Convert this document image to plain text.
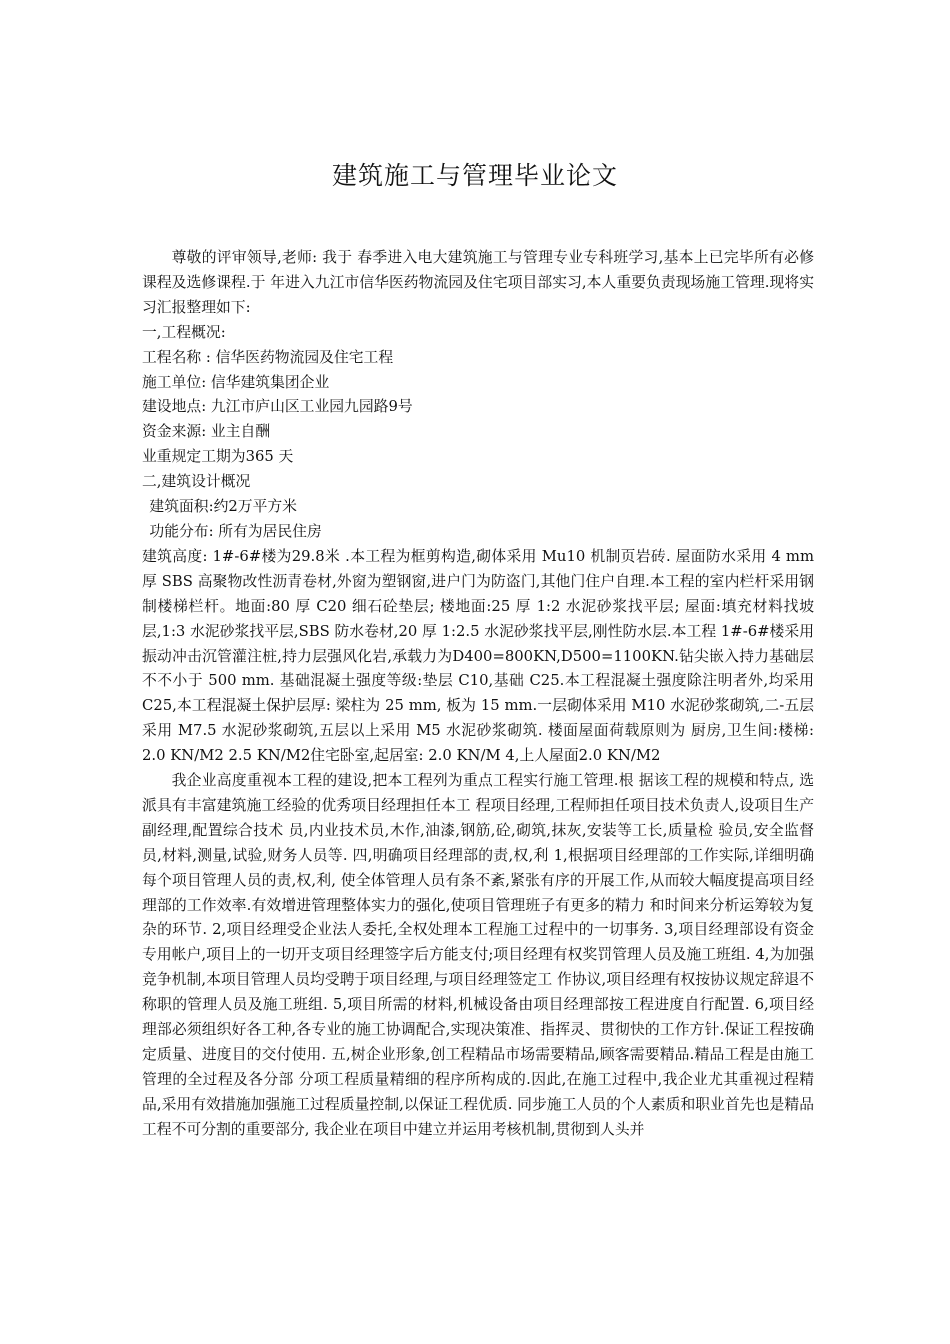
建筑施工与管理毕业论文

尊敬的评审领导,老师: 我于 春季进入电大建筑施工与管理专业专科班学习,基本上已完毕所有必修课程及选修课程.于 年进入九江市信华医药物流园及住宅项目部实习,本人重要负责现场施工管理.现将实习汇报整理如下:

一,工程概况:
工程名称 : 信华医药物流园及住宅工程
施工单位: 信华建筑集团企业
建设地点: 九江市庐山区工业园九园路9号
资金来源: 业主自酬
业重规定工期为365 天
二,建筑设计概况
建筑面积:约2万平方米
功能分布: 所有为居民住房

建筑高度: 1#-6#楼为29.8米 .本工程为框剪构造,砌体采用 Mu10 机制页岩砖. 屋面防水采用 4 mm厚 SBS 高聚物改性沥青卷材,外窗为塑钢窗,进户门为防盗门,其他门住户自理.本工程的室内栏杆采用钢制楼梯栏杆。地面:80 厚 C20 细石砼垫层; 楼地面:25 厚 1:2 水泥砂浆找平层; 屋面:填充材料找坡层,1:3 水泥砂浆找平层,SBS 防水卷材,20 厚 1:2.5 水泥砂浆找平层,刚性防水层.本工程 1#-6#楼采用振动冲击沉管灌注桩,持力层强风化岩,承载力为D400=800KN,D500=1100KN.钻尖嵌入持力基础层不不小于 500 mm. 基础混凝土强度等级:垫层 C10,基础 C25.本工程混凝土强度除注明者外,均采用 C25,本工程混凝土保护层厚: 梁柱为 25 mm, 板为 15 mm.一层砌体采用 M10 水泥砂浆砌筑,二-五层采用 M7.5 水泥砂浆砌筑,五层以上采用 M5 水泥砂浆砌筑. 楼面屋面荷载原则为 厨房,卫生间:楼梯: 2.0 KN/M2 2.5 KN/M2住宅卧室,起居室: 2.0 KN/M 4,上人屋面2.0 KN/M2

我企业高度重视本工程的建设,把本工程列为重点工程实行施工管理.根 据该工程的规模和特点, 选派具有丰富建筑施工经验的优秀项目经理担任本工 程项目经理,工程师担任项目技术负责人,设项目生产副经理,配置综合技术 员,内业技术员,木作,油漆,钢筋,砼,砌筑,抹灰,安装等工长,质量检 验员,安全监督员,材料,测量,试验,财务人员等. 四,明确项目经理部的责,权,利 1,根据项目经理部的工作实际,详细明确每个项目管理人员的责,权,利, 使全体管理人员有条不紊,紧张有序的开展工作,从而较大幅度提高项目经理部的工作效率.有效增进管理整体实力的强化,使项目管理班子有更多的精力 和时间来分析运筹较为复杂的环节. 2,项目经理受企业法人委托,全权处理本工程施工过程中的一切事务. 3,项目经理部设有资金专用帐户,项目上的一切开支项目经理签字后方能支付;项目经理有权奖罚管理人员及施工班组. 4,为加强竞争机制,本项目管理人员均受聘于项目经理,与项目经理签定工 作协议,项目经理有权按协议规定辞退不称职的管理人员及施工班组. 5,项目所需的材料,机械设备由项目经理部按工程进度自行配置. 6,项目经理部必须组织好各工种,各专业的施工协调配合,实现决策准、指挥灵、贯彻快的工作方针.保证工程按确定质量、进度目的交付使用. 五,树企业形象,创工程精品市场需要精品,顾客需要精品.精品工程是由施工管理的全过程及各分部 分项工程质量精细的程序所构成的.因此,在施工过程中,我企业尤其重视过程精品,采用有效措施加强施工过程质量控制,以保证工程优质. 同步施工人员的个人素质和职业首先也是精品工程不可分割的重要部分, 我企业在项目中建立并运用考核机制,贯彻到人头并
